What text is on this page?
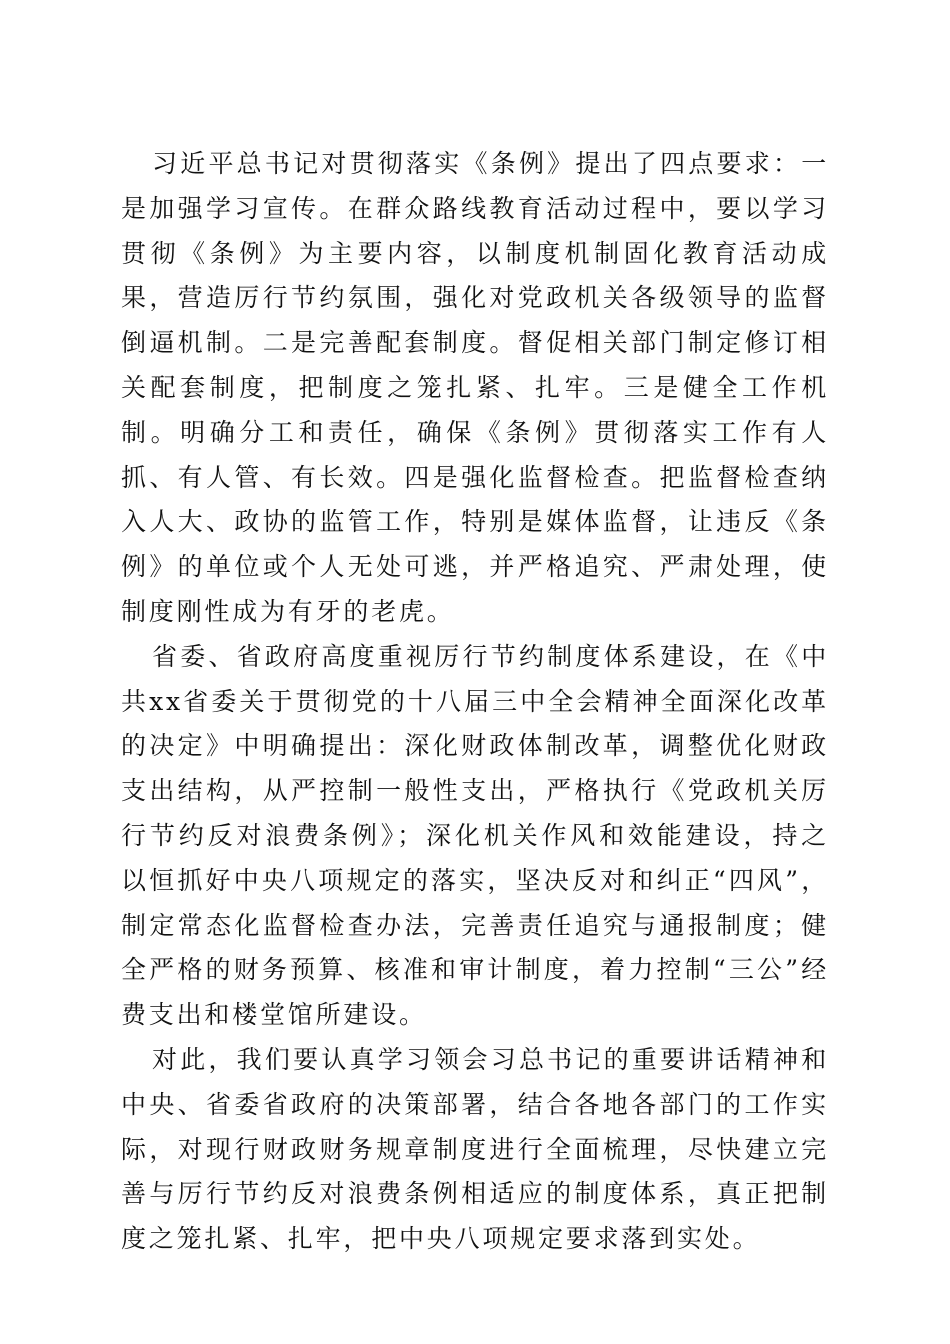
习近平总书记对贯彻落实《条例》提出了四点要求：一是加强学习宣传。在群众路线教育活动过程中，要以学习贯彻《条例》为主要内容，以制度机制固化教育活动成果，营造厉行节约氛围，强化对党政机关各级领导的监督倒逼机制。二是完善配套制度。督促相关部门制定修订相关配套制度，把制度之笼扎紧、扎牢。三是健全工作机制。明确分工和责任，确保《条例》贯彻落实工作有人抓、有人管、有长效。四是强化监督检查。把监督检查纳入人大、政协的监管工作，特别是媒体监督，让违反《条例》的单位或个人无处可逃，并严格追究、严肃处理，使制度刚性成为有牙的老虎。

省委、省政府高度重视厉行节约制度体系建设，在《中共xx省委关于贯彻党的十八届三中全会精神全面深化改革的决定》中明确提出：深化财政体制改革，调整优化财政支出结构，从严控制一般性支出，严格执行《党政机关厉行节约反对浪费条例》；深化机关作风和效能建设，持之以恒抓好中央八项规定的落实，坚决反对和纠正“四风”，制定常态化监督检查办法，完善责任追究与通报制度；健全严格的财务预算、核准和审计制度，着力控制“三公”经费支出和楼堂馆所建设。

对此，我们要认真学习领会习总书记的重要讲话精神和中央、省委省政府的决策部署，结合各地各部门的工作实际，对现行财政财务规章制度进行全面梳理，尽快建立完善与厉行节约反对浪费条例相适应的制度体系，真正把制度之笼扎紧、扎牢，把中央八项规定要求落到实处。
